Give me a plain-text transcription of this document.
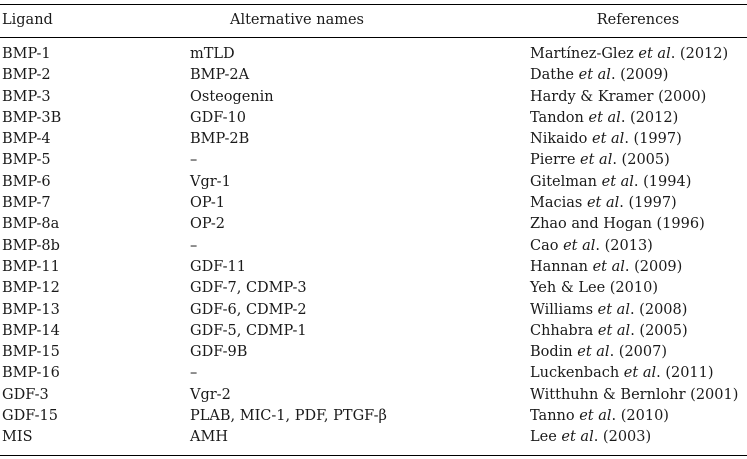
Ligand	Alternative names	References
BMP-1	mTLD	Martínez-Glez et al. (2012)
BMP-2	BMP-2A	Dathe et al. (2009)
BMP-3	Osteogenin	Hardy & Kramer (2000)
BMP-3B	GDF-10	Tandon et al. (2012)
BMP-4	BMP-2B	Nikaido et al. (1997)
BMP-5	–	Pierre et al. (2005)
BMP-6	Vgr-1	Gitelman et al. (1994)
BMP-7	OP-1	Macias et al. (1997)
BMP-8a	OP-2	Zhao and Hogan (1996)
BMP-8b	–	Cao et al. (2013)
BMP-11	GDF-11	Hannan et al. (2009)
BMP-12	GDF-7, CDMP-3	Yeh & Lee (2010)
BMP-13	GDF-6, CDMP-2	Williams et al. (2008)
BMP-14	GDF-5, CDMP-1	Chhabra et al. (2005)
BMP-15	GDF-9B	Bodin et al. (2007)
BMP-16	–	Luckenbach et al. (2011)
GDF-3	Vgr-2	Witthuhn & Bernlohr (2001)
GDF-15	PLAB, MIC-1, PDF, PTGF-β	Tanno et al. (2010)
MIS	AMH	Lee et al. (2003)
